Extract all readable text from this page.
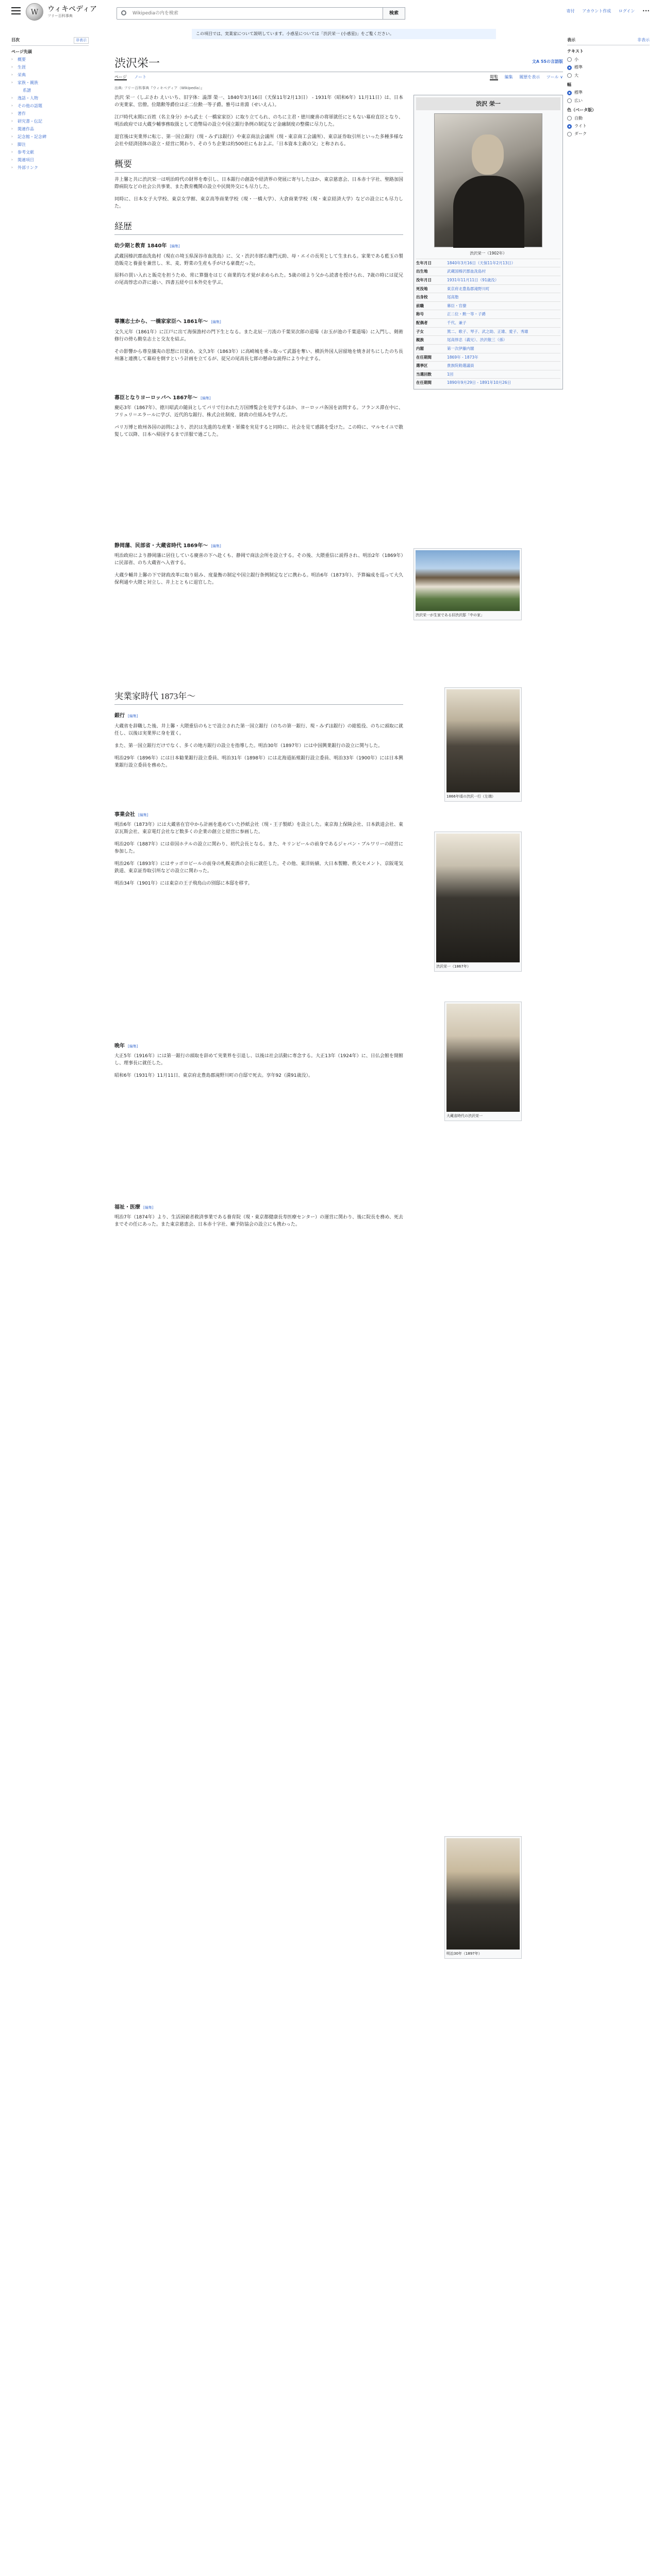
W	ウィキペディア
フリー百科事典
Wikipediaの内を検索	検索	寄付 アカウント作成 ログイン •••
目次	非表示
ページ先頭
› 概要
› 生涯
› 栄典
› 家族・親族
系譜
› 逸話・人物
› その他の話題
› 著作
› 研究書・伝記
› 関連作品
› 記念館・記念碑
› 脚注
› 参考文献
› 関連項目
› 外部リンク
この項目では、実業家について説明しています。小惑星については「渋沢栄一 (小惑星)」をご覧ください。
渋沢栄一	文A 55の言語版
ページ ノート	閲覧 編集 履歴を表示 ツール ∨
出典: フリー百科事典『ウィキペディア（Wikipedia）』

渋沢 栄一（しぶさわ えいいち、旧字体：澁澤 榮一、1840年3月16日（天保11年2月13日） - 1931年（昭和6年）11月11日）は、日本の実業家、官僚。位階勲等爵位は正二位勲一等子爵。雅号は青淵（せいえん）。

江戸時代末期に百姓（名主身分）から武士（一橋家家臣）に取り立てられ、のちに主君・徳川慶喜の将軍就任にともない幕府直臣となり、明治政府では大蔵少輔事務取扱として造幣局の設立や国立銀行条例の制定など金融制度の整備に尽力した。

退官後は実業界に転じ、第一国立銀行（現・みずほ銀行）や東京商法会議所（現・東京商工会議所）、東京証券取引所といった多種多様な会社や経済団体の設立・経営に関わり、そのうち企業は約500社にもおよぶ。「日本資本主義の父」と称される。

概要

井上馨と共に渋沢栄一は明治時代の財界を牽引し、日本銀行の創設や経済界の発展に寄与したほか、東京慈恵会、日本赤十字社、聖路加国際病院などの社会公共事業、また教育機関の設立や民間外交にも尽力した。

同時に、日本女子大学校、東京女学館、東京高等商業学校（現・一橋大学）、大倉商業学校（現・東京経済大学）などの設立にも尽力した。

経歴
幼少期と教育 1840年 [編集]

武蔵国榛沢郡血洗島村（現在の埼玉県深谷市血洗島）に、父・渋沢市郎右衛門元助、母・エイの長男として生まれる。家業である藍玉の製造販売と養蚕を兼営し、米、麦、野菜の生産も手がける豪農だった。

原料の買い入れと販売を担うため、常に算盤をはじく商業的な才覚が求められた。5歳の頃より父から読書を授けられ、7歳の時には従兄の尾高惇忠の許に通い、四書五経や日本外史を学ぶ。

尊攘志士から、一橋家家臣へ 1861年〜 [編集]

文久元年（1861年）に江戸に出て海保漁村の門下生となる。また北辰一刀流の千葉栄次郎の道場（お玉が池の千葉道場）に入門し、剣術修行の傍ら勤皇志士と交友を結ぶ。

その影響から尊皇攘夷の思想に目覚め、文久3年（1863年）に高崎城を乗っ取って武器を奪い、横浜外国人居留地を焼き討ちにしたのち長州藩と連携して幕府を倒すという計画を立てるが、従兄の尾高長七郎の懸命な説得により中止する。

幕臣となりヨーロッパへ 1867年〜 [編集]

慶応3年（1867年）、徳川昭武の随員としてパリで行われた万国博覧会を見学するほか、ヨーロッパ各国を訪問する。フランス滞在中に、フリュリ＝エラールに学び、近代的な銀行、株式会社制度、財政の仕組みを学んだ。

パリ万博と欧州各国の訪問により、渋沢は先進的な産業・軍備を実見すると同時に、社会を見て感銘を受けた。この時に、マルセイユで散髪して以降、日本へ帰国するまで洋服で過ごした。

静岡藩、民部省・大蔵省時代 1869年〜 [編集]

明治政府により静岡藩に居住している慶喜の下へ赴くも、静岡で商法会所を設立する。その後、大隈重信に説得され、明治2年（1869年）に民部省、のち大蔵省へ入省する。

大蔵少輔井上馨の下で財政改革に取り組み、度量衡の制定や国立銀行条例制定などに携わる。明治6年（1873年）、予算編成を巡って大久保利通や大隈と対立し、井上とともに退官した。

実業家時代 1873年〜
銀行 [編集]

大蔵省を辞職した後、井上馨・大隈重信のもとで設立された第一国立銀行（のちの第一銀行、現・みずほ銀行）の総監役、のちに頭取に就任し、以後は実業界に身を置く。

また、第一国立銀行だけでなく、多くの地方銀行の設立を指導した。明治30年（1897年）には中国興業銀行の設立に関与した。

明治29年（1896年）には日本勧業銀行設立委員、明治31年（1898年）には北海道拓殖銀行設立委員、明治33年（1900年）には日本興業銀行設立委員を務めた。

事業会社 [編集]

明治6年（1873年）には大蔵省在官中から計画を進めていた抄紙会社（現・王子製紙）を設立した。東京海上保険会社、日本鉄道会社、東京瓦斯会社、東京電灯会社など数多くの企業の創立と経営に参画した。

明治20年（1887年）には帝国ホテルの設立に関わり、初代会長となる。また、キリンビールの前身であるジャパン・ブルワリーの経営に参加した。

明治26年（1893年）にはサッポロビールの前身の札幌麦酒の会長に就任した。その他、東洋紡績、大日本製糖、秩父セメント、京阪電気鉄道、東京証券取引所などの設立に関わった。

明治34年（1901年）には東京の王子飛鳥山の別邸に本邸を移す。

晩年 [編集]

大正5年（1916年）には第一銀行の頭取を辞めて実業界を引退し、以後は社会活動に専念する。大正13年（1924年）に、日仏会館を開館し、理事長に就任した。

昭和6年（1931年）11月11日、東京府北豊島郡滝野川町の自邸で死去。享年92（満91歳没）。

福祉・医療 [編集]

明治7年（1874年）より、生活困窮者救済事業である養育院（現・東京都健康長寿医療センター）の運営に関わり、後に院長を務め、死去までその任にあった。また東京慈恵会、日本赤十字社、癩予防協会の設立にも携わった。

渋沢 栄一
渋沢栄一（1902年）
生年月日	1840年3月16日（天保11年2月13日）
出生地	武蔵国榛沢郡血洗島村
没年月日	1931年11月11日（91歳没）
死没地	東京府北豊島郡滝野川町
出身校	尾高塾
前職	幕臣・官僚
称号	正二位・勲一等・子爵
配偶者	千代、兼子
子女	篤二、歌子、琴子、武之助、正雄、愛子、秀雄
親族	尾高惇忠（義兄）、渋沢敬三（孫）
内閣	第一次伊藤内閣
在任期間	1869年 - 1873年
選挙区	貴族院勅選議員
当選回数	1回
在任期間	1890年9月29日 - 1891年10月26日
渋沢栄一が生家である旧渋沢邸「中の家」
1866年頃の渋沢一行（左端）
渋沢栄一（1867年）
大蔵省時代の渋沢栄一
明治30年（1897年）
表示	非表示
テキスト
小
標準
大
幅
標準
広い
色（ベータ版）
自動
ライト
ダーク
